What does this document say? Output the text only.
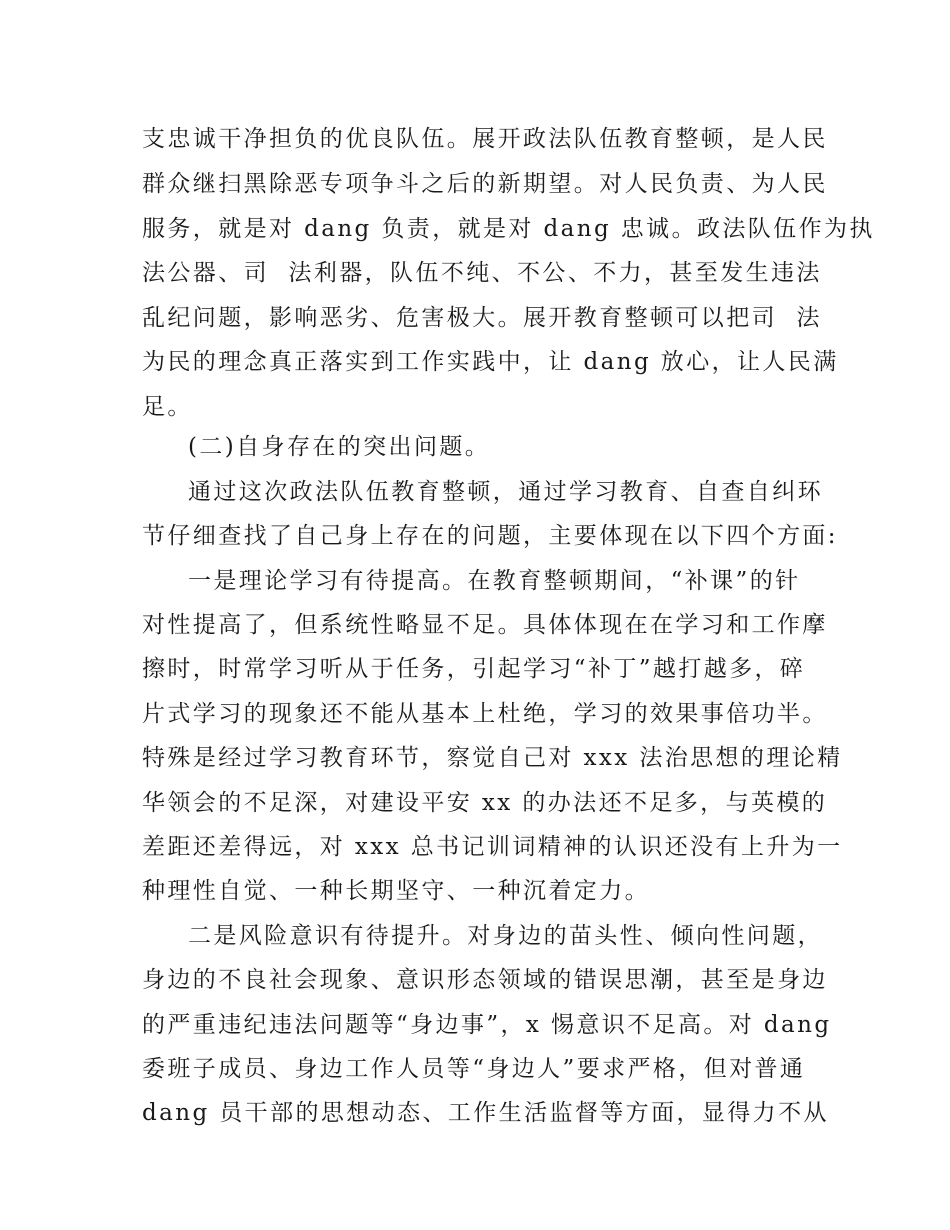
支忠诚干净担负的优良队伍。展开政法队伍教育整顿，是人民
群众继扫黑除恶专项争斗之后的新期望。对人民负责、为人民
服务，就是对 dang 负责，就是对 dang 忠诚。政法队伍作为执
法公器、司  法利器，队伍不纯、不公、不力，甚至发生违法
乱纪问题，影响恶劣、危害极大。展开教育整顿可以把司  法
为民的理念真正落实到工作实践中，让 dang 放心，让人民满
足。
(二)自身存在的突出问题。
通过这次政法队伍教育整顿，通过学习教育、自查自纠环
节仔细查找了自己身上存在的问题，主要体现在以下四个方面:
一是理论学习有待提高。在教育整顿期间，“补课”的针
对性提高了，但系统性略显不足。具体体现在在学习和工作摩
擦时，时常学习听从于任务，引起学习“补丁”越打越多，碎
片式学习的现象还不能从基本上杜绝，学习的效果事倍功半。
特殊是经过学习教育环节，察觉自己对 xxx 法治思想的理论精
华领会的不足深，对建设平安 xx 的办法还不足多，与英模的
差距还差得远，对 xxx 总书记训词精神的认识还没有上升为一
种理性自觉、一种长期坚守、一种沉着定力。
二是风险意识有待提升。对身边的苗头性、倾向性问题，
身边的不良社会现象、意识形态领域的错误思潮，甚至是身边
的严重违纪违法问题等“身边事”，x 惕意识不足高。对 dang
委班子成员、身边工作人员等“身边人”要求严格，但对普通
dang 员干部的思想动态、工作生活监督等方面，显得力不从
